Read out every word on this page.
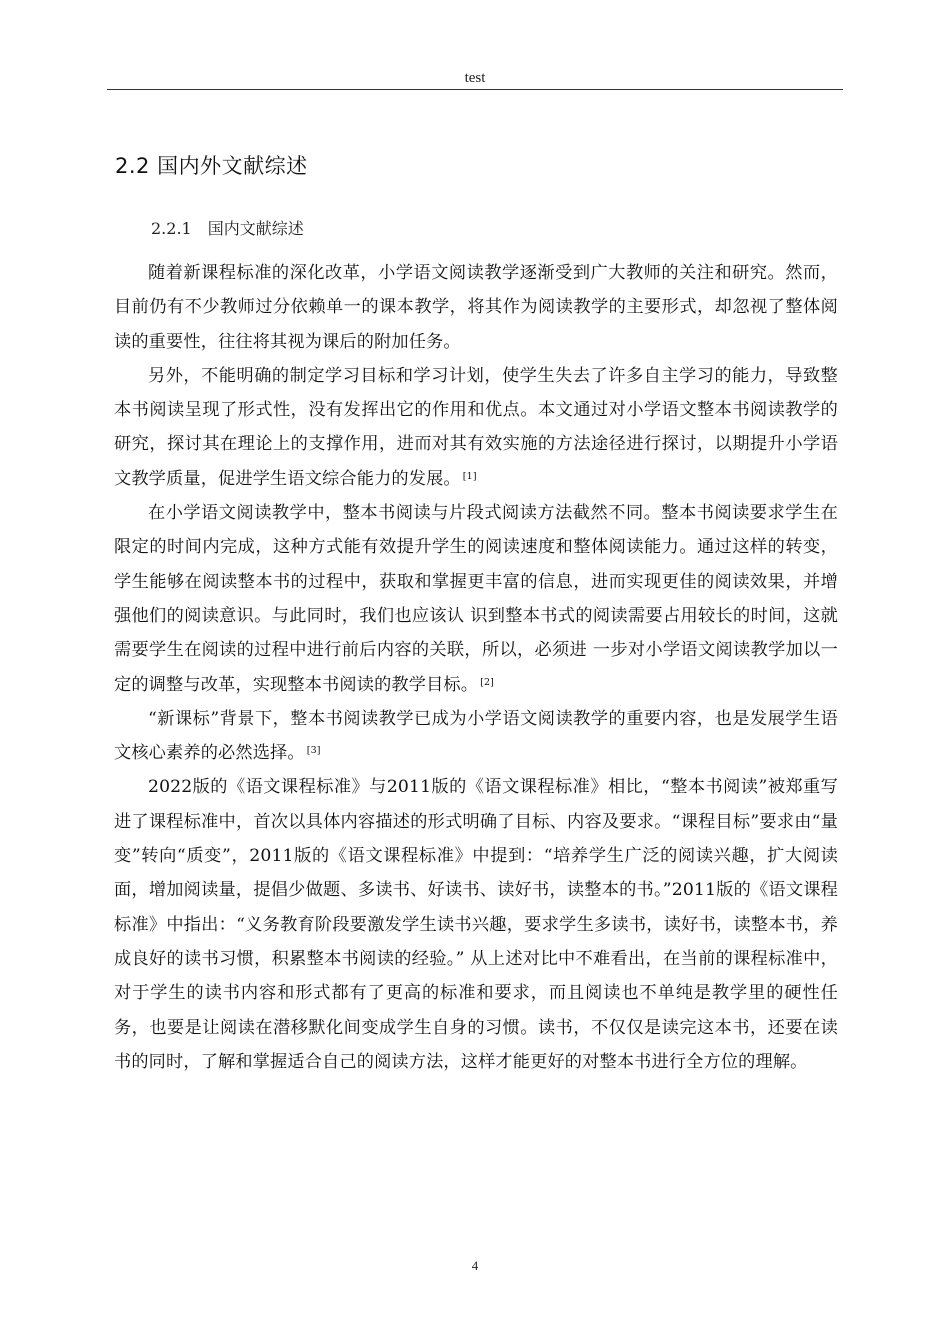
test
2.2 国内外文献综述
2.2.1　国内文献综述

随着新课程标准的深化改革，小学语文阅读教学逐渐受到广大教师的关注和研究。然而，目前仍有不少教师过分依赖单一的课本教学，将其作为阅读教学的主要形式，却忽视了整体阅读的重要性，往往将其视为课后的附加任务。

另外，不能明确的制定学习目标和学习计划，使学生失去了许多自主学习的能力，导致整本书阅读呈现了形式性，没有发挥出它的作用和优点。本文通过对小学语文整本书阅读教学的研究，探讨其在理论上的支撑作用，进而对其有效实施的方法途径进行探讨，以期提升小学语文教学质量，促进学生语文综合能力的发展。 [1]

在小学语文阅读教学中，整本书阅读与片段式阅读方法截然不同。整本书阅读要求学生在限定的时间内完成，这种方式能有效提升学生的阅读速度和整体阅读能力。通过这样的转变，学生能够在阅读整本书的过程中，获取和掌握更丰富的信息，进而实现更佳的阅读效果，并增强他们的阅读意识。与此同时，我们也应该认 识到整本书式的阅读需要占用较长的时间，这就需要学生在阅读的过程中进行前后内容的关联，所以，必须进 一步对小学语文阅读教学加以一定的调整与改革，实现整本书阅读的教学目标。 [2]

“新课标”背景下，整本书阅读教学已成为小学语文阅读教学的重要内容，也是发展学生语文核心素养的必然选择。 [3]

2022版的《语文课程标准》与2011版的《语文课程标准》相比，“整本书阅读”被郑重写进了课程标准中，首次以具体内容描述的形式明确了目标、内容及要求。“课程目标”要求由“量变”转向“质变”，2011版的《语文课程标准》中提到：“培养学生广泛的阅读兴趣，扩大阅读面，增加阅读量，提倡少做题、多读书、好读书、读好书，读整本的书。”2011版的《语文课程标准》中指出：“义务教育阶段要激发学生读书兴趣，要求学生多读书，读好书，读整本书，养成良好的读书习惯，积累整本书阅读的经验。” 从上述对比中不难看出，在当前的课程标准中，对于学生的读书内容和形式都有了更高的标准和要求，而且阅读也不单纯是教学里的硬性任务，也要是让阅读在潜移默化间变成学生自身的习惯。读书，不仅仅是读完这本书，还要在读书的同时，了解和掌握适合自己的阅读方法，这样才能更好的对整本书进行全方位的理解。

4
